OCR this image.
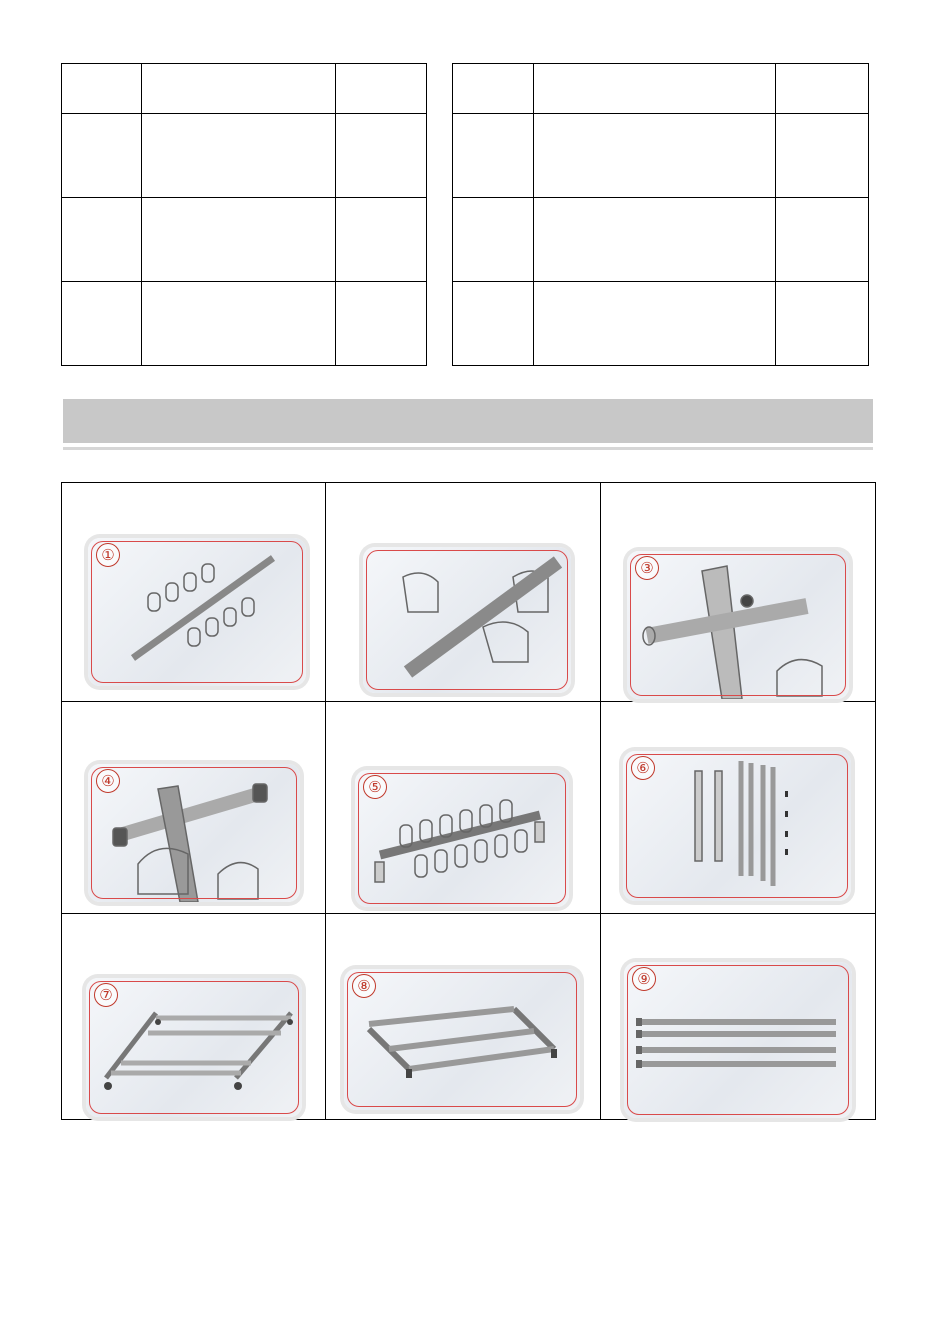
①
③
④	⑤
⑥
⑦	⑧	⑨
